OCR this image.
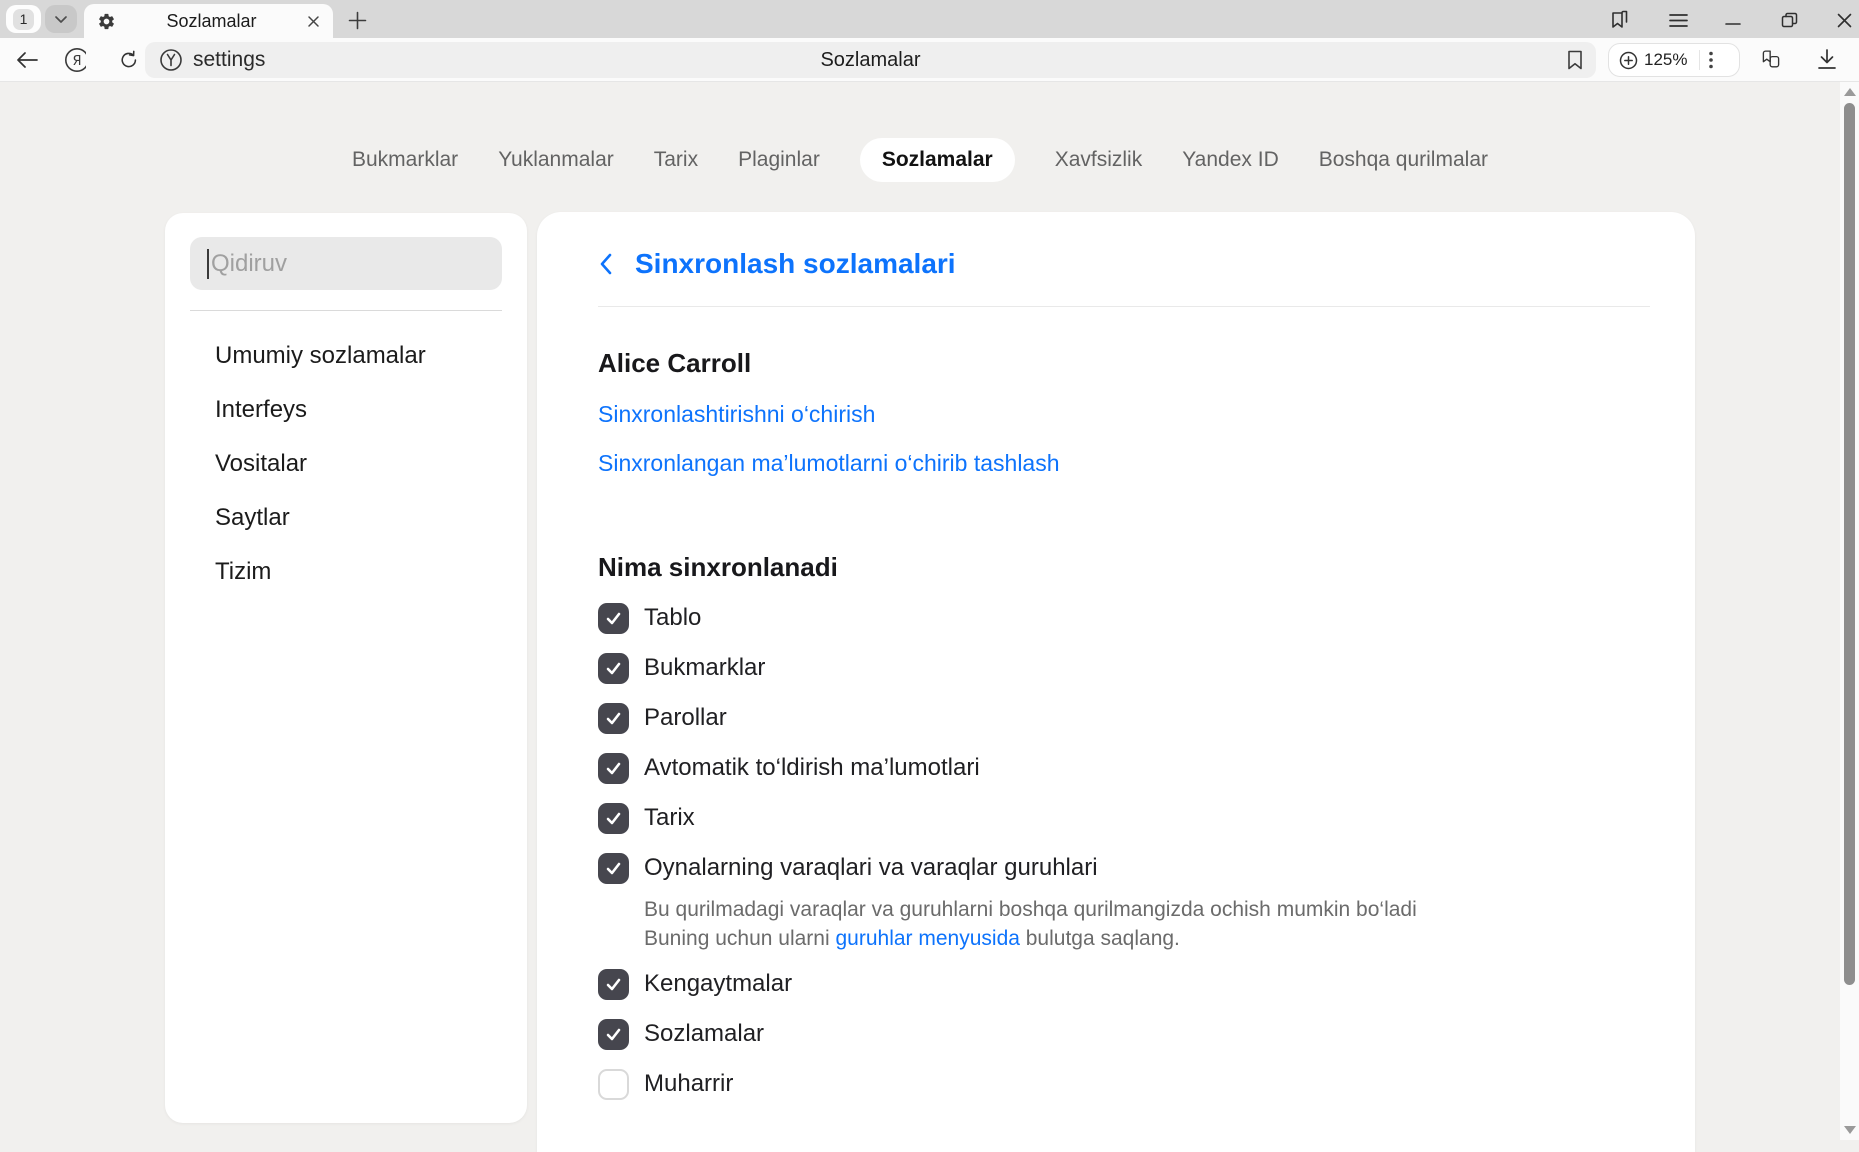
1	Sozlamalar
Я	settings	Sozlamalar	125%
Bukmarklar Yuklanmalar Tarix Plaginlar	Sozlamalar	Xavfsizlik Yandex ID Boshqa qurilmalar
Qidiruv
Umumiy sozlamalar
Interfeys
Vositalar
Saytlar
Tizim
Sinxronlash sozlamalari
Alice Carroll
Sinxronlashtirishni o‘chirish
Sinxronlangan ma’lumotlarni o‘chirib tashlash
Nima sinxronlanadi
Tablo
Bukmarklar
Parollar
Avtomatik to‘ldirish ma’lumotlari
Tarix
Oynalarning varaqlari va varaqlar guruhlari
Bu qurilmadagi varaqlar va guruhlarni boshqa qurilmangizda ochish mumkin bo‘ladi
Buning uchun ularni guruhlar menyusida bulutga saqlang.
Kengaytmalar
Sozlamalar
Muharrir
